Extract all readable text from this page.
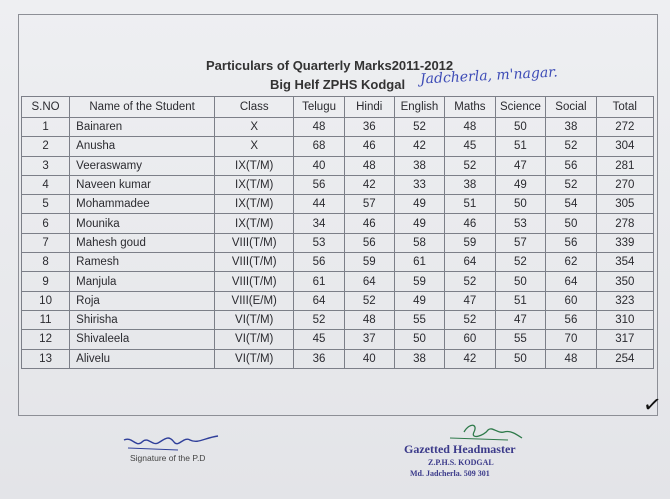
Particulars of Quarterly Marks2011-2012
Big Helf ZPHS Kodgal Jadcherla, m'nagar.
S.NO	Name of the Student	Class	Telugu	Hindi	English	Maths	Science	Social	Total
1	Bainaren	X	48	36	52	48	50	38	272
2	Anusha	X	68	46	42	45	51	52	304
3	Veeraswamy	IX(T/M)	40	48	38	52	47	56	281
4	Naveen kumar	IX(T/M)	56	42	33	38	49	52	270
5	Mohammadee	IX(T/M)	44	57	49	51	50	54	305
6	Mounika	IX(T/M)	34	46	49	46	53	50	278
7	Mahesh goud	VIII(T/M)	53	56	58	59	57	56	339
8	Ramesh	VIII(T/M)	56	59	61	64	52	62	354
9	Manjula	VIII(T/M)	61	64	59	52	50	64	350
10	Roja	VIII(E/M)	64	52	49	47	51	60	323
11	Shirisha	VI(T/M)	52	48	55	52	47	56	310
12	Shivaleela	VI(T/M)	45	37	50	60	55	70	317
13	Alivelu	VI(T/M)	36	40	38	42	50	48	254
✓
Signature of the P.D
Gazetted Headmaster
Z.P.H.S. KODGAL
Md. Jadcherla. 509 301
